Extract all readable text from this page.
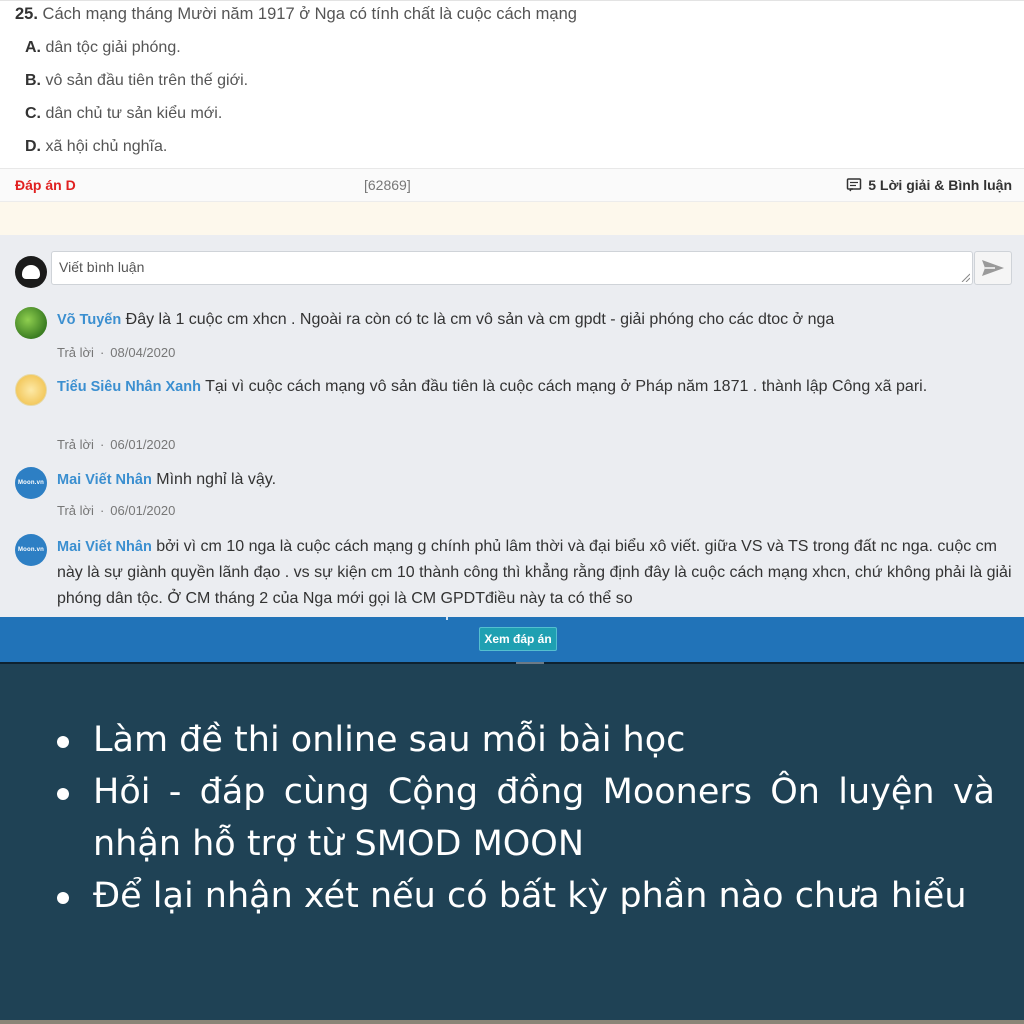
25. Cách mạng tháng Mười năm 1917 ở Nga có tính chất là cuộc cách mạng
A. dân tộc giải phóng.
B. vô sản đầu tiên trên thế giới.
C. dân chủ tư sản kiểu mới.
D. xã hội chủ nghĩa.
Đáp án D	[62869]	5 Lời giải & Bình luận
Viết bình luận
Võ Tuyến Đây là 1 cuộc cm xhcn . Ngoài ra còn có tc là cm vô sản và cm gpdt - giải phóng cho các dtoc ở nga
Trả lời · 08/04/2020
Tiểu Siêu Nhân Xanh Tại vì cuộc cách mạng vô sản đầu tiên là cuộc cách mạng ở Pháp năm 1871 . thành lập Công xã pari.
Trả lời · 06/01/2020
Moon.vn Mai Viết Nhân Mình nghỉ là vậy.
Trả lời · 06/01/2020
Moon.vn Mai Viết Nhân bởi vì cm 10 nga là cuộc cách mạng g chính phủ lâm thời và đại biểu xô viết. giữa VS và TS trong đất nc nga. cuộc cm này là sự giành quyền lãnh đạo . vs sự kiện cm 10 thành công thì khẳng rằng định đây là cuộc cách mạng xhcn, chứ không phải là giải phóng dân tộc. Ở CM tháng 2 của Nga mới gọi là CM GPDTđiều này ta có thể so
Xem đáp án
Làm đề thi online sau mỗi bài học
Hỏi - đáp cùng Cộng đồng Mooners Ôn luyện và nhận hỗ trợ từ SMOD MOON
Để lại nhận xét nếu có bất kỳ phần nào chưa hiểu
